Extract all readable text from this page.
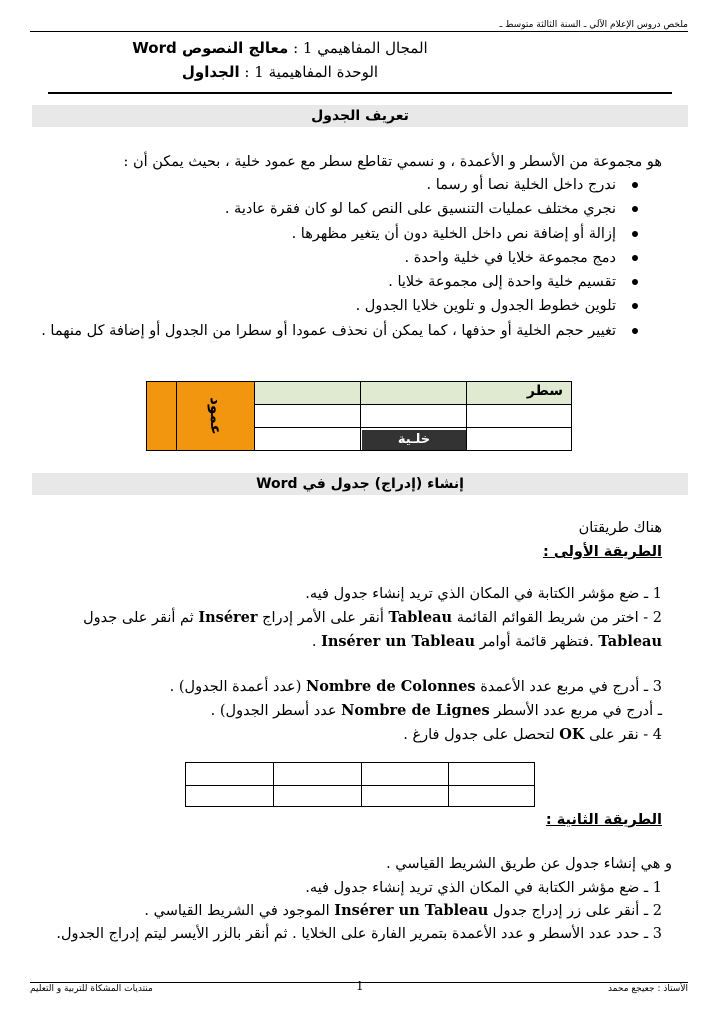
ملخص دروس الإعلام الآلي ـ السنة الثالثة متوسط ـ
المجال المفاهيمي 1 : معالج النصوص Word
الوحدة المفاهيمية 1 : الجداول
تعريف الجدول
هو مجموعة من الأسطر و الأعمدة ، و نسمي تقاطع سطر مع عمود خلية ، بحيث يمكن أن :
ندرج داخل الخلية نصا أو رسما .
نجري مختلف عمليات التنسيق على النص كما لو كان فقرة عادية .
إزالة أو إضافة نص داخل الخلية دون أن يتغير مظهرها .
دمج مجموعة خلايا في خلية واحدة .
تقسيم خلية واحدة إلى مجموعة خلايا .
تلوين خطوط الجدول و تلوين خلايا الجدول .
تغيير حجم الخلية أو حذفها ، كما يمكن أن نحذف عمودا أو سطرا من الجدول أو إضافة كل منهما .
عمود
سطر
خلـية
إنشاء (إدراج) جدول في Word
هناك طريقتان
الطريقة الأولى :
1 ـ ضع مؤشر الكتابة في المكان الذي تريد إنشاء جدول فيه.
2 - اختر من شريط القوائم القائمة Tableau أنقر على الأمر إدراج Insérer ثم أنقر على جدول Tableau .فتظهر قائمة أوامر Insérer un Tableau .
3 ـ أدرج في مربع عدد الأعمدة Nombre de Colonnes (عدد أعمدة الجدول) .
ـ أدرج في مربع عدد الأسطر Nombre de Lignes عدد أسطر الجدول) .
4 - نقر على OK لتحصل على جدول فارغ .
الطريقة الثانية :
و هي إنشاء جدول عن طريق الشريط القياسي .
1 ـ ضع مؤشر الكتابة في المكان الذي تريد إنشاء جدول فيه.
2 ـ أنقر على زر إدراج جدول Insérer un Tableau الموجود في الشريط القياسي .
3 ـ حدد عدد الأسطر و عدد الأعمدة بتمرير الفارة على الخلايا . ثم أنقر بالزر الأيسر ليتم إدراج الجدول.
الأستاذ : جعيجع محمد
1
منتديات المشكاة للتربية و التعليم
